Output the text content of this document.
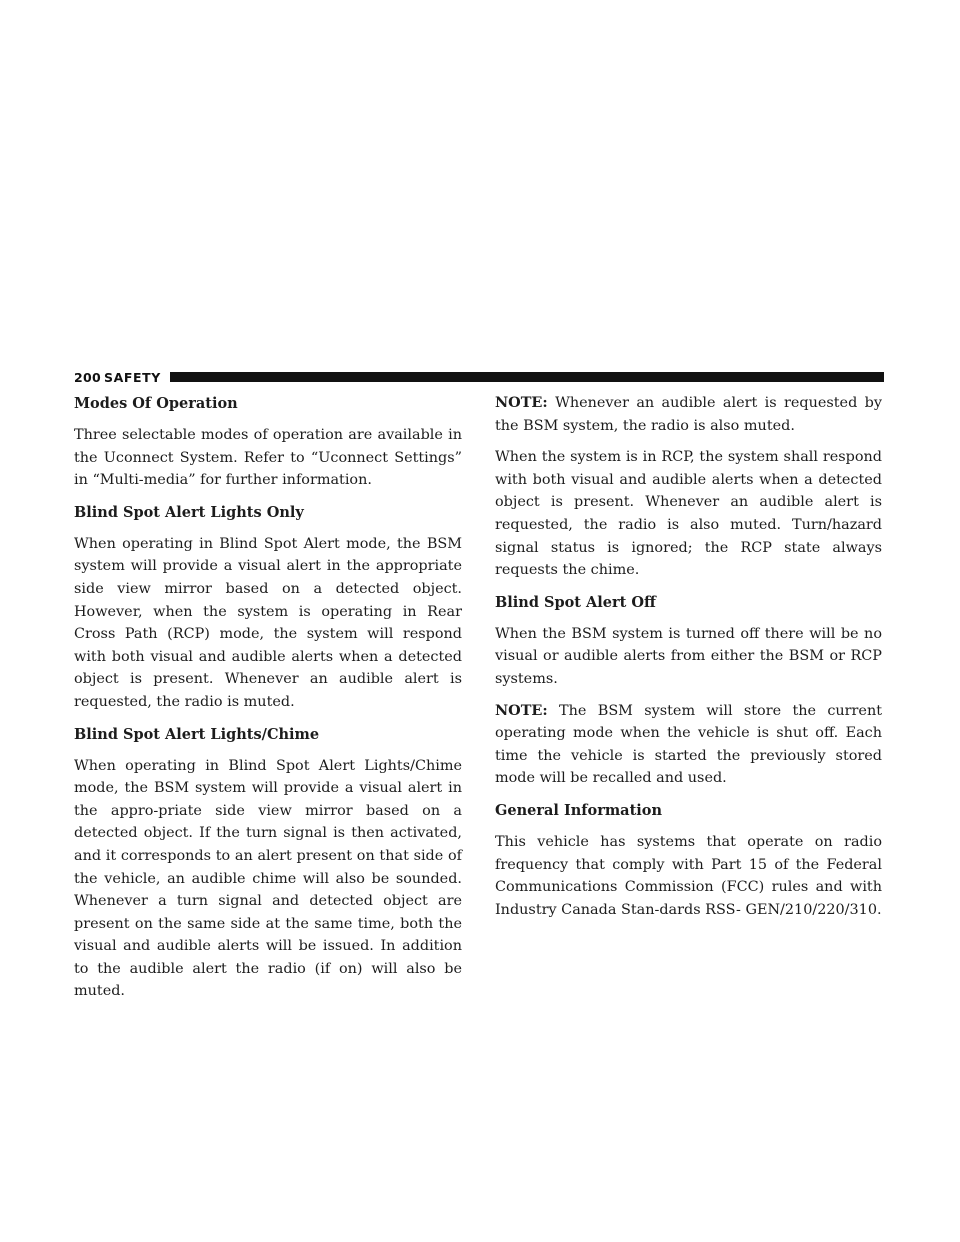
200 SAFETY
Modes Of Operation

Three selectable modes of operation are available in the Uconnect System. Refer to “Uconnect Settings” in “Multi-media” for further information.

Blind Spot Alert Lights Only

When operating in Blind Spot Alert mode, the BSM system will provide a visual alert in the appropriate side view mirror based on a detected object. However, when the system is operating in Rear Cross Path (RCP) mode, the system will respond with both visual and audible alerts when a detected object is present. Whenever an audible alert is requested, the radio is muted.

Blind Spot Alert Lights/Chime

When operating in Blind Spot Alert Lights/Chime mode, the BSM system will provide a visual alert in the appro-priate side view mirror based on a detected object. If the turn signal is then activated, and it corresponds to an alert present on that side of the vehicle, an audible chime will also be sounded. Whenever a turn signal and detected object are present on the same side at the same time, both the visual and audible alerts will be issued. In addition to the audible alert the radio (if on) will also be muted.

NOTE: Whenever an audible alert is requested by the BSM system, the radio is also muted.

When the system is in RCP, the system shall respond with both visual and audible alerts when a detected object is present. Whenever an audible alert is requested, the radio is also muted. Turn/hazard signal status is ignored; the RCP state always requests the chime.

Blind Spot Alert Off

When the BSM system is turned off there will be no visual or audible alerts from either the BSM or RCP systems.

NOTE: The BSM system will store the current operating mode when the vehicle is shut off. Each time the vehicle is started the previously stored mode will be recalled and used.

General Information

This vehicle has systems that operate on radio frequency that comply with Part 15 of the Federal Communications Commission (FCC) rules and with Industry Canada Stan-dards RSS- GEN/210/220/310.
